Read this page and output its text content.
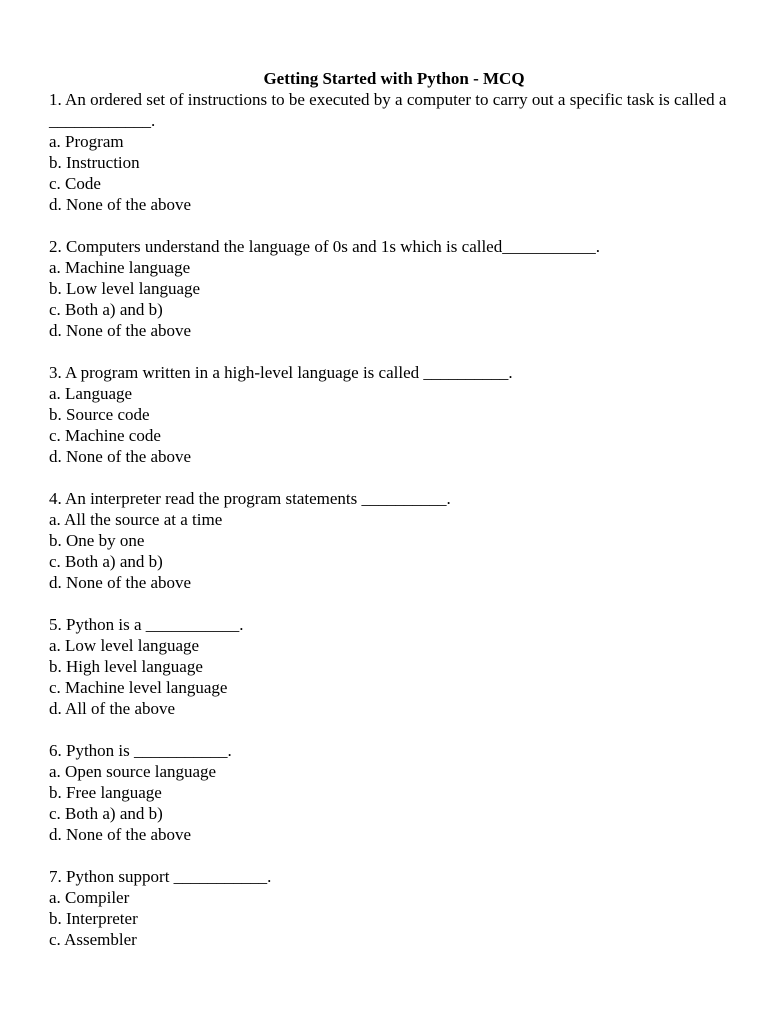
Getting Started with Python - MCQ
1. An ordered set of instructions to be executed by a computer to carry out a specific task is called a ____________.
a. Program
b. Instruction
c. Code
d. None of the above
2. Computers understand the language of 0s and 1s which is called___________.
a. Machine language
b. Low level language
c. Both a) and b)
d. None of the above
3. A program written in a high-level language is called __________.
a. Language
b. Source code
c. Machine code
d. None of the above
4. An interpreter read the program statements __________.
a. All the source at a time
b. One by one
c. Both a) and b)
d. None of the above
5. Python is a ___________.
a. Low level language
b. High level language
c. Machine level language
d. All of the above
6. Python is ___________.
a. Open source language
b. Free language
c. Both a) and b)
d. None of the above
7. Python support ___________.
a. Compiler
b. Interpreter
c. Assembler
